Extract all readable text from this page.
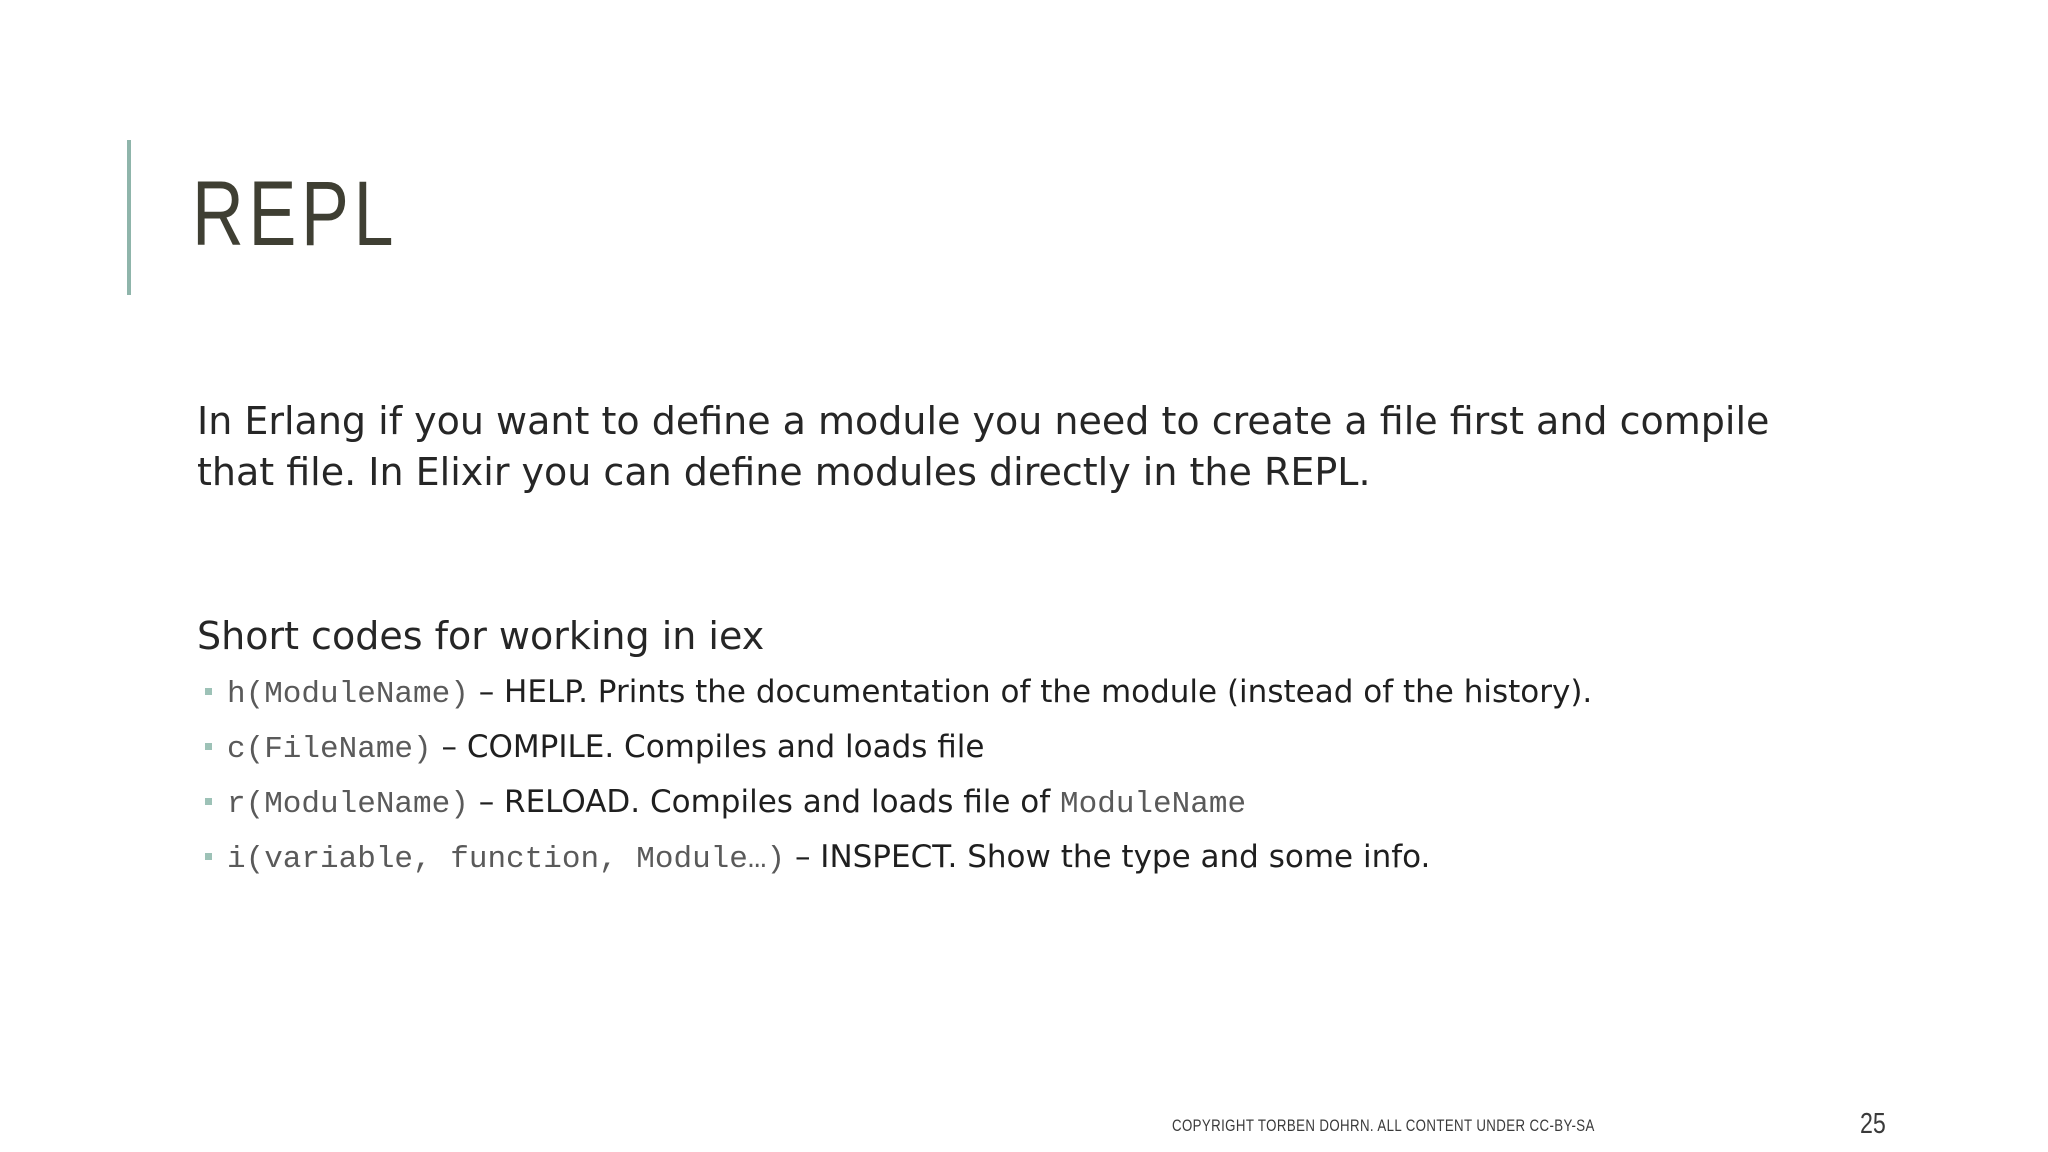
REPL

In Erlang if you want to define a module you need to create a file first and compile that file. In Elixir you can define modules directly in the REPL.

Short codes for working in iex
h(ModuleName) – HELP. Prints the documentation of the module (instead of the history).
c(FileName) – COMPILE. Compiles and loads file
r(ModuleName) – RELOAD. Compiles and loads file of ModuleName
i(variable, function, Module…) – INSPECT. Show the type and some info.
COPYRIGHT TORBEN DOHRN. ALL CONTENT UNDER CC-BY-SA	25
